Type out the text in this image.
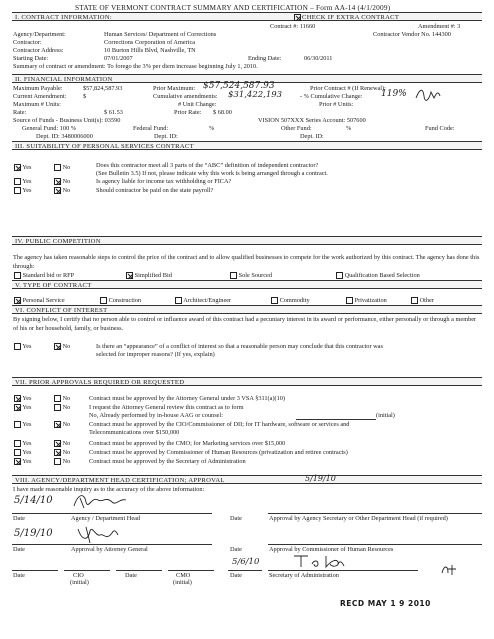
STATE OF VERMONT CONTRACT SUMMARY AND CERTIFICATION – Form AA-14 (4/1/2009)
I. CONTRACT INFORMATION:	CHECK IF EXTRA CONTRACT
Contract #: 11660	Amendment #: 3
Agency/Department:	Human Services/ Department of Corrections	Contractor Vendor No. 144300
Contractor:	Corrections Corporation of America
Contractor Address:	10 Burton Hills Blvd, Nashville, TN
Starting Date:	07/01/2007	Ending Date:	06/30/2011
Summary of contract or amendment: To forego the 3% per diem increase beginning July 1, 2010.
II. FINANCIAL INFORMATION
Maximum Payable:	$57,824,587.93	Prior Maximum: $57,524,587.93	Prior Contract # (If Renewal):
Current Amendment:	$	Cumulative amendments: $31,422,193	- % Cumulative Change: 119%
Maximum # Units:	# Unit Change:	Prior # Units:
Rate:	$ 61.53	Prior Rate: $ 68.00
Source of Funds - Business Unit(s): 03590	VISION 507XXX Series Account: 507600
General Fund: 100 %	Federal Fund:	%	Other Fund:	%	Fund Code:
Dept. ID: 3480006000	Dept. ID:	Dept. ID:
III. SUITABILITY OF PERSONAL SERVICES CONTRACT
Yes	No	Does this contractor meet all 3 parts of the “ABC” definition of independent contractor?
(See Bulletin 3.5) If not, please indicate why this work is being arranged through a contract.
Yes	No	Is agency liable for income tax withholding or FICA?
Yes	No	Should contractor be paid on the state payroll?
IV. PUBLIC COMPETITION
The agency has taken reasonable steps to control the price of the contract and to allow qualified businesses to compete for the work authorized by this contract. The agency has done this through:
Standard bid or RFP	Simplified Bid	Sole Sourced	Qualification Based Selection
V. TYPE OF CONTRACT
Personal Service	Construction	Architect/Engineer	Commodity	Privatization	Other
VI. CONFLICT OF INTEREST
By signing below, I certify that no person able to control or influence award of this contract had a pecuniary interest in its award or performance, either personally or through a member of his or her household, family, or business.
Yes	No	Is there an “appearance” of a conflict of interest so that a reasonable person may conclude that this contractor was
selected for improper reasons? (If yes, explain)
VII. PRIOR APPROVALS REQUIRED OR REQUESTED
Yes	No	Contract must be approved by the Attorney General under 3 VSA §311(a)(10)
Yes	No	I request the Attorney General review this contract as to form
No, Already performed by in-house AAG or counsel:	(initial)
Yes	No	Contract must be approved by the CIO/Commissioner of DII; for IT hardware, software or services and
Telecommunications over $150,000
Yes	No	Contract must be approved by the CMO; for Marketing services over $15,000
Yes	No	Contract must be approved by Commissioner of Human Resources (privatization and retiree contracts)
Yes	No	Contract must be approved by the Secretary of Administration
VIII. AGENCY/DEPARTMENT HEAD CERTIFICATION; APPROVAL	5/19/10
I have made reasonable inquiry as to the accuracy of the above information:
5/14/10
Date	Agency / Department Head	Date	Approval by Agency Secretary or Other Department Head (if required)
5/19/10
Date	Approval by Attorney General	Date	Approval by Commissioner of Human Resources
5/6/10
Date	CIO
(initial)
Date	CMO
(initial)
Date	Secretary of Administration
RECD MAY 1 9 2010
